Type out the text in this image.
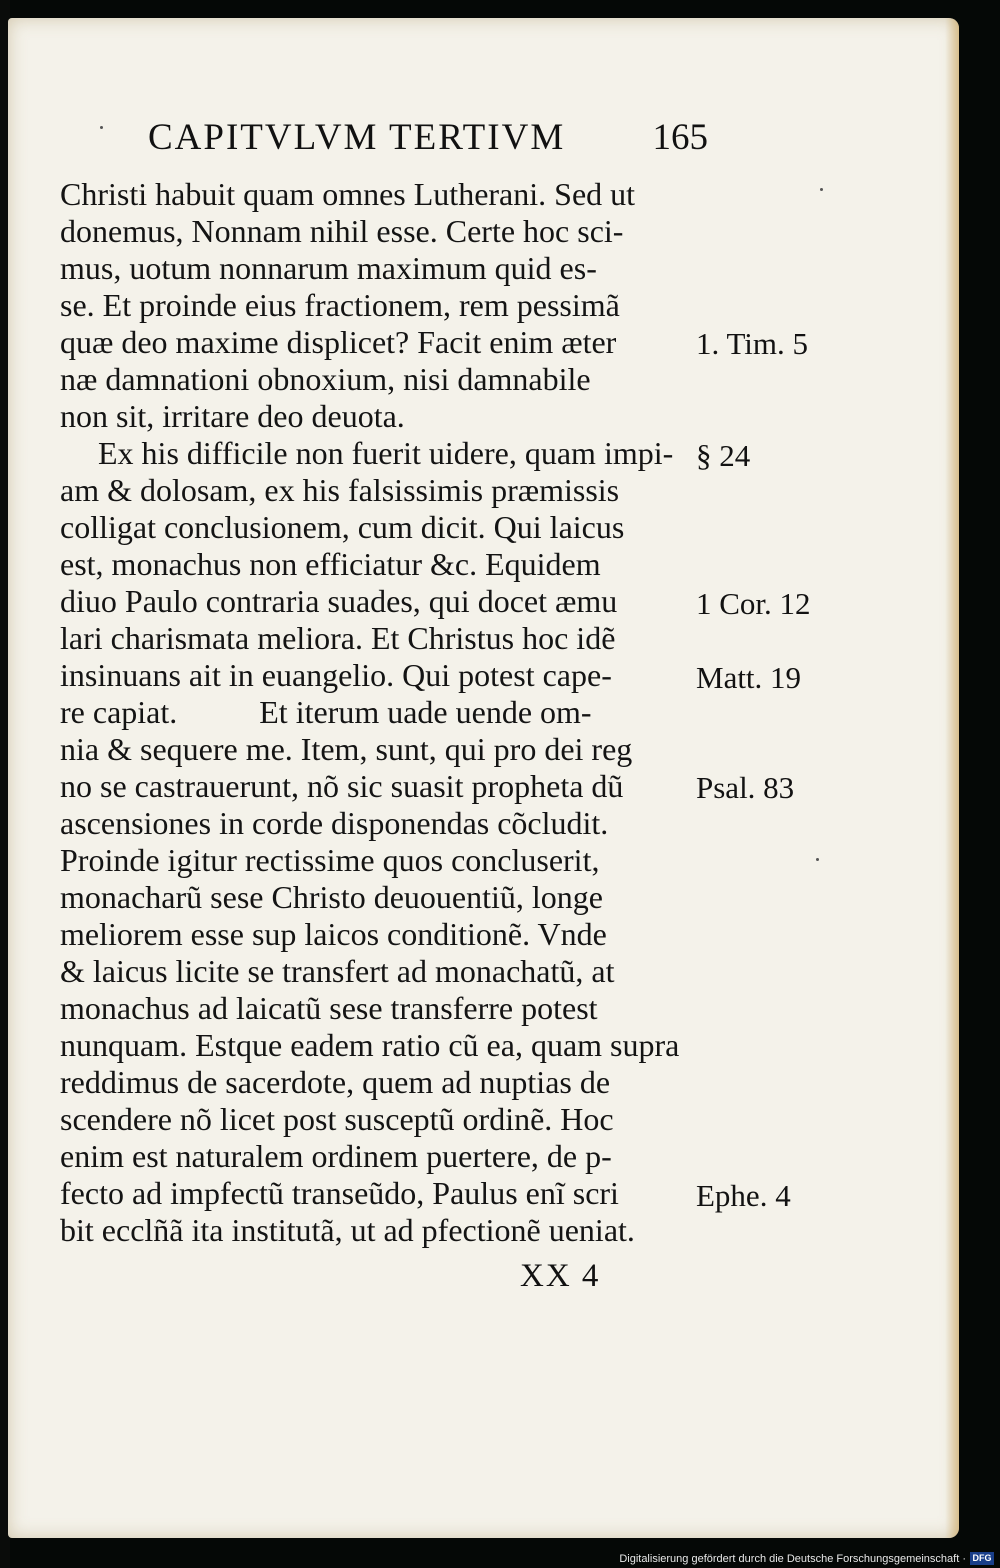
CAPITVLVM TERTIVM 165
Christi habuit quam omnes Lutherani. Sed ut
donemus, Nonnam nihil esse. Certe hoc sci-
mus, uotum nonnarum maximum quid es-
se. Et proinde eius fractionem, rem pessimã
quæ deo maxime displicet? Facit enim æter
næ damnationi obnoxium, nisi damnabile
non sit, irritare deo deuota.
Ex his difficile non fuerit uidere, quam impi-
am & dolosam, ex his falsissimis præmissis
colligat conclusionem, cum dicit. Qui laicus
est, monachus non efficiatur &c. Equidem
diuo Paulo contraria suades, qui docet æmu
lari charismata meliora. Et Christus hoc idẽ
insinuans ait in euangelio. Qui potest cape-
re capiat.	Et iterum uade uende om-
nia & sequere me. Item, sunt, qui pro dei reg
no se castrauerunt, nõ sic suasit propheta dũ
ascensiones in corde disponendas cõcludit.
Proinde igitur rectissime quos concluserit,
monacharũ sese Christo deuouentiũ, longe
meliorem esse sup laicos conditionẽ. Vnde
& laicus licite se transfert ad monachatũ, at
monachus ad laicatũ sese transferre potest
nunquam. Estque eadem ratio cũ ea, quam supra
reddimus de sacerdote, quem ad nuptias de
scendere nõ licet post susceptũ ordinẽ. Hoc
enim est naturalem ordinem puertere, de p-
fecto ad impfectũ transeũdo, Paulus enĩ scri
bit ecclñã ita institutã, ut ad pfectionẽ ueniat.
1. Tim. 5
§ 24
1 Cor. 12
Matt. 19
Psal. 83
Ephe. 4
XX 4
Digitalisierung gefördert durch die Deutsche Forschungsgemeinschaft · DFG
